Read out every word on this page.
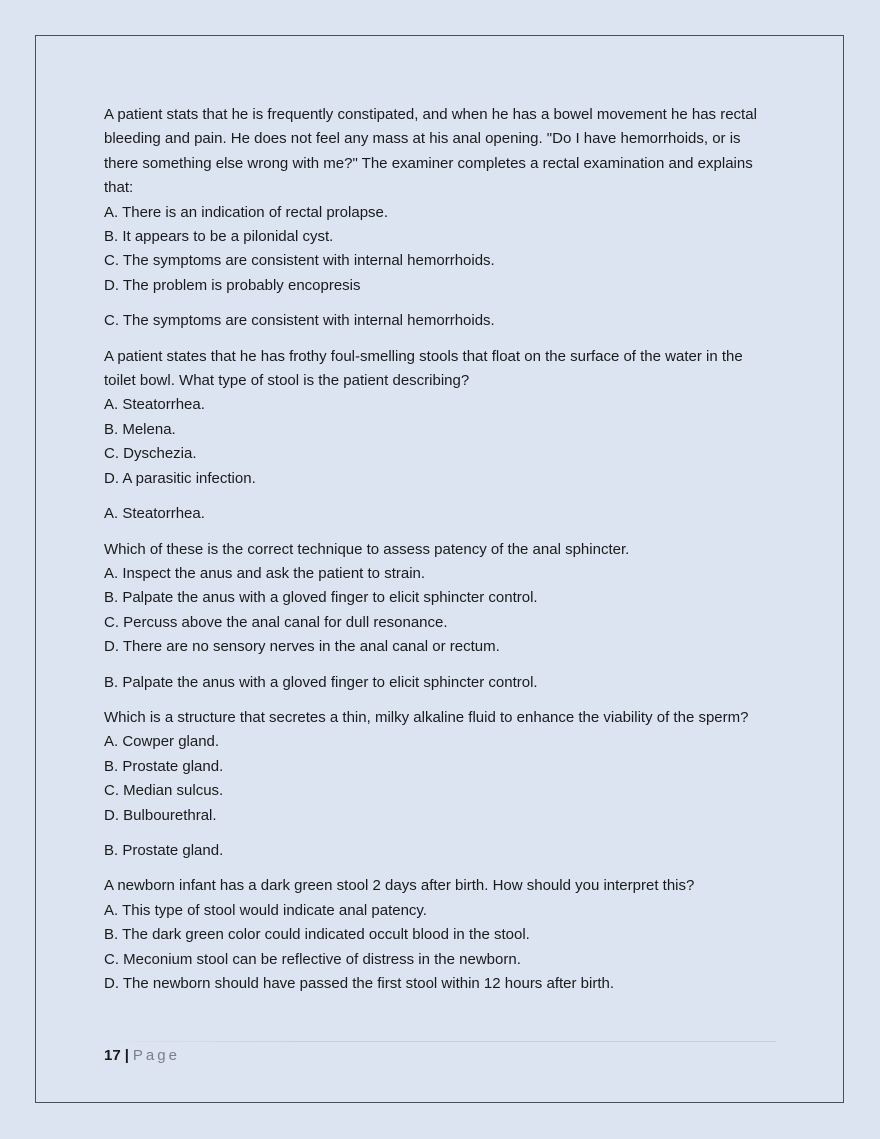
A patient stats that he is frequently constipated, and when he has a bowel movement he has rectal bleeding and pain. He does not feel any mass at his anal opening. "Do I have hemorrhoids, or is there something else wrong with me?" The examiner completes a rectal examination and explains that:

A. There is an indication of rectal prolapse.

B. It appears to be a pilonidal cyst.

C. The symptoms are consistent with internal hemorrhoids.

D. The problem is probably encopresis

C. The symptoms are consistent with internal hemorrhoids.

A patient states that he has frothy foul-smelling stools that float on the surface of the water in the toilet bowl. What type of stool is the patient describing?

A. Steatorrhea.

B. Melena.

C. Dyschezia.

D. A parasitic infection.

A. Steatorrhea.

Which of these is the correct technique to assess patency of the anal sphincter.

A. Inspect the anus and ask the patient to strain.

B. Palpate the anus with a gloved finger to elicit sphincter control.

C. Percuss above the anal canal for dull resonance.

D. There are no sensory nerves in the anal canal or rectum.

B. Palpate the anus with a gloved finger to elicit sphincter control.

Which is a structure that secretes a thin, milky alkaline fluid to enhance the viability of the sperm?

A. Cowper gland.

B. Prostate gland.

C. Median sulcus.

D. Bulbourethral.

B. Prostate gland.

A newborn infant has a dark green stool 2 days after birth. How should you interpret this?

A. This type of stool would indicate anal patency.

B. The dark green color could indicated occult blood in the stool.

C. Meconium stool can be reflective of distress in the newborn.

D. The newborn should have passed the first stool within 12 hours after birth.

17 | Page
